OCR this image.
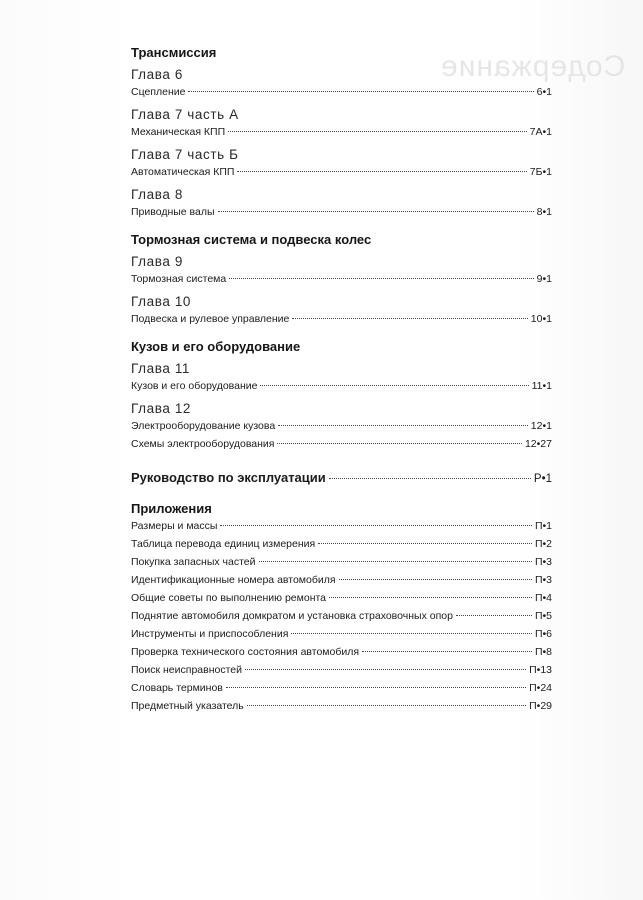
Содержание
Трансмиссия
Глава 6
Сцепление	6•1
Глава 7 часть А
Механическая КПП	7А•1
Глава 7 часть Б
Автоматическая КПП	7Б•1
Глава 8
Приводные валы	8•1
Тормозная система и подвеска колес
Глава 9
Тормозная система	9•1
Глава 10
Подвеска и рулевое управление	10•1
Кузов и его оборудование
Глава 11
Кузов и его оборудование	11•1
Глава 12
Электрооборудование кузова	12•1
Схемы электрооборудования	12•27
Руководство по эксплуатации	Р•1
Приложения
Размеры и массы	П•1
Таблица перевода единиц измерения	П•2
Покупка запасных частей	П•3
Идентификационные номера автомобиля	П•3
Общие советы по выполнению ремонта	П•4
Поднятие автомобиля домкратом и установка страховочных опор	П•5
Инструменты и приспособления	П•6
Проверка технического состояния автомобиля	П•8
Поиск неисправностей	П•13
Словарь терминов	П•24
Предметный указатель	П•29
